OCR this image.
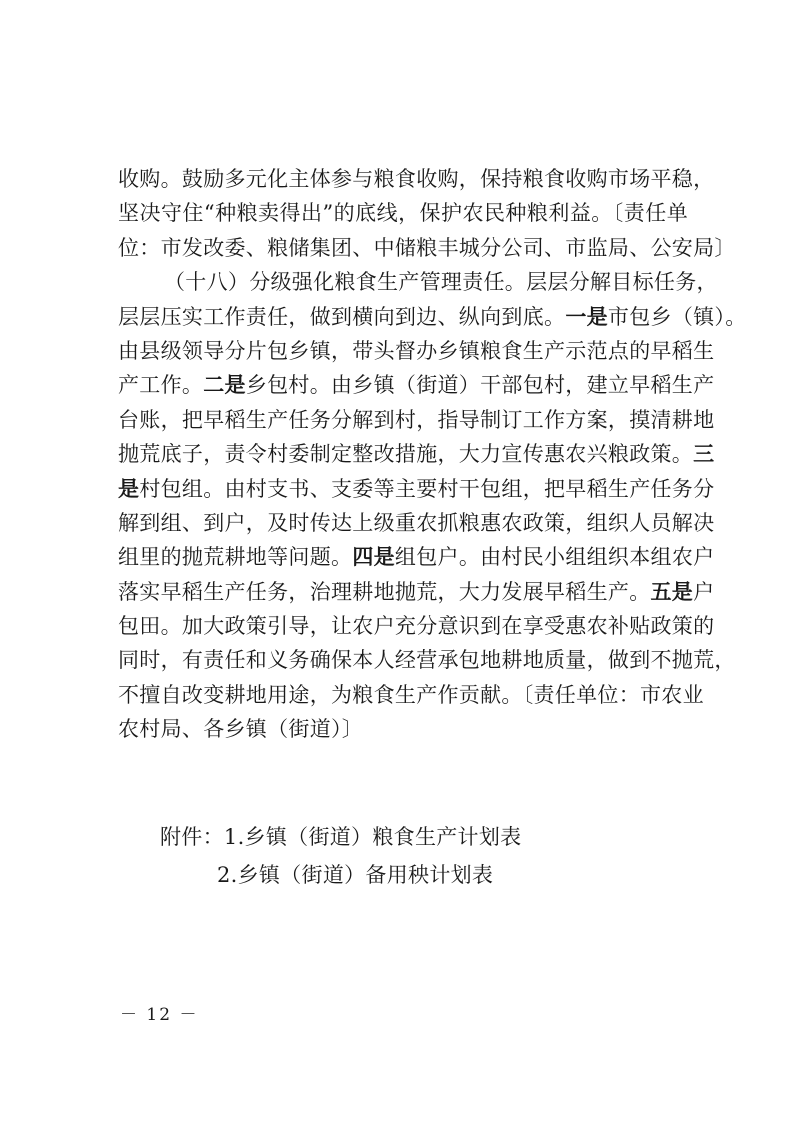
收购。鼓励多元化主体参与粮食收购，保持粮食收购市场平稳，
坚决守住“种粮卖得出”的底线，保护农民种粮利益。〔责任单
位：市发改委、粮储集团、中储粮丰城分公司、市监局、公安局〕
（十八）分级强化粮食生产管理责任。层层分解目标任务，
层层压实工作责任，做到横向到边、纵向到底。一是市包乡（镇）。
由县级领导分片包乡镇，带头督办乡镇粮食生产示范点的早稻生
产工作。二是乡包村。由乡镇（街道）干部包村，建立早稻生产
台账，把早稻生产任务分解到村，指导制订工作方案，摸清耕地
抛荒底子，责令村委制定整改措施，大力宣传惠农兴粮政策。三
是村包组。由村支书、支委等主要村干包组，把早稻生产任务分
解到组、到户，及时传达上级重农抓粮惠农政策，组织人员解决
组里的抛荒耕地等问题。四是组包户。由村民小组组织本组农户
落实早稻生产任务，治理耕地抛荒，大力发展早稻生产。五是户
包田。加大政策引导，让农户充分意识到在享受惠农补贴政策的
同时，有责任和义务确保本人经营承包地耕地质量，做到不抛荒，
不擅自改变耕地用途，为粮食生产作贡献。〔责任单位：市农业
农村局、各乡镇（街道）〕
附件：1.乡镇（街道）粮食生产计划表
2.乡镇（街道）备用秧计划表
－ 12 －
